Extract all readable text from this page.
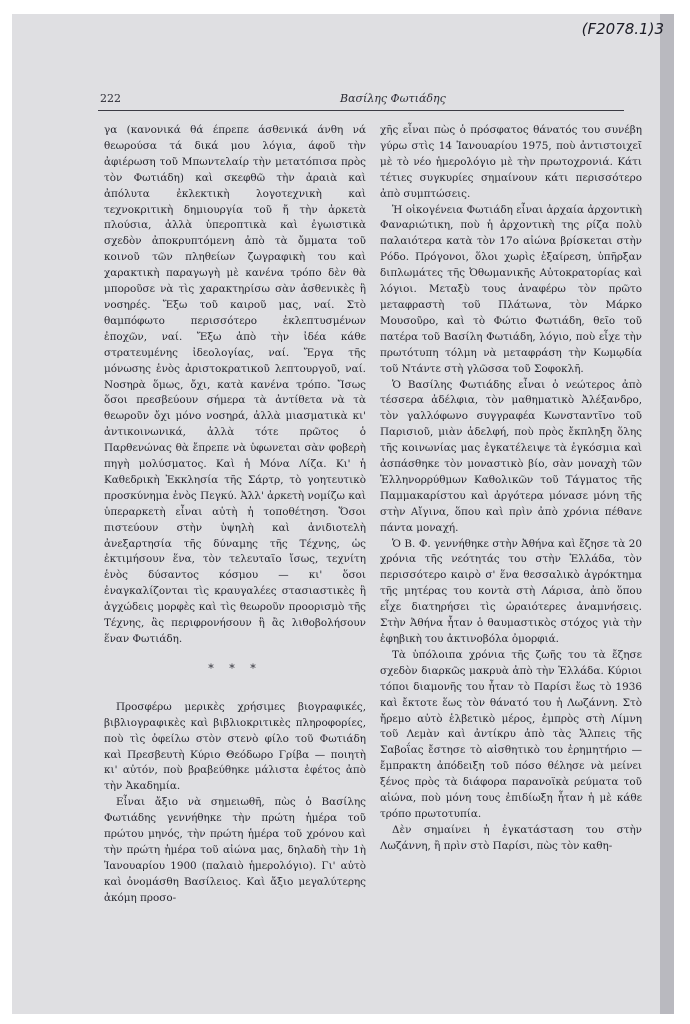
(F2078.1)3
222	Βασίλης Φωτιάδης

γα (κανονικά θά έπρεπε άσθενικά άνθη νά θεωρούσα τά δικά μου λόγια, άφοῦ τὴν ἀφιέρωση τοῦ Μπωντελαίρ τὴν μετατόπισα πρὸς τὸν Φωτιάδη) καὶ σκεφθῶ τὴν ἀραιὰ καὶ ἀπόλυτα ἐκλεκτικὴ λογοτεχνικὴ καὶ τεχνοκριτικὴ δημιουργία τοῦ ἤ τὴν ἀρκετὰ πλούσια, ἀλλὰ ὑπεροπτικὰ καὶ ἐγωιστικὰ σχεδὸν ἀποκρυπτόμενη ἀπὸ τὰ ὄμματα τοῦ κοινοῦ τῶν πληθείων ζωγραφικὴ του καὶ χαρακτικὴ παραγωγὴ μὲ κανένα τρόπο δὲν θὰ μποροῦσε νὰ τὶς χαρακτηρίσω σὰν ἀσθενικὲς ἢ νοσηρές. Ἔξω τοῦ καιροῦ μας, ναί. Στὸ θαμπόφωτο περισσότερο ἐκλεπτυσμένων ἐποχῶν, ναί. Ἔξω ἀπὸ τὴν ἰδέα κάθε στρατευμένης ἰδεολογίας, ναί. Ἔργα τῆς μόνωσης ἑνὸς ἀριστοκρατικοῦ λεπτουργοῦ, ναί. Νοσηρὰ ὅμως, ὄχι, κατὰ κανένα τρόπο. Ἴσως ὅσοι πρεσβεύουν σήμερα τὰ ἀντίθετα νὰ τὰ θεωροῦν ὄχι μόνο νοσηρά, ἀλλὰ μιασματικὰ κι' ἀντικοινωνικά, ἀλλὰ τότε πρῶτος ὁ Παρθενώνας θὰ ἔπρεπε νὰ ὑφωνεται σὰν φοβερὴ πηγὴ μολύσματος. Καὶ ἡ Μόνα Λίζα. Κι' ἡ Καθεδρικὴ Ἐκκλησία τῆς Σάρτρ, τὸ γοητευτικὸ προσκύνημα ἑνὸς Πεγκύ. Ἀλλ' ἀρκετὴ νομίζω καὶ ὑπεραρκετὴ εἶναι αὐτὴ ἡ τοποθέτηση. Ὅσοι πιστεύουν στὴν ὑψηλὴ καὶ ἀνιδιοτελὴ ἀνεξαρτησία τῆς δύναμης τῆς Τέχνης, ὡς ἐκτιμήσουν ἕνα, τὸν τελευταῖο ἴσως, τεχνίτη ἑνὸς δύσαντος κόσμου — κι' ὅσοι ἐναγκαλίζονται τὶς κραυγαλέες στασιαστικὲς ἢ ἀγχώδεις μορφὲς καὶ τὶς θεωροῦν προορισμὸ τῆς Τέχνης, ἂς περιφρονήσουν ἢ ἂς λιθοβολήσουν ἕναν Φωτιάδη.

* * *

Προσφέρω μερικὲς χρήσιμες βιογραφικές, βιβλιογραφικὲς καὶ βιβλιοκριτικὲς πληροφορίες, ποὺ τὶς ὀφείλω στὸν στενὸ φίλο τοῦ Φωτιάδη καὶ Πρεσβευτὴ Κύριο Θεόδωρο Γρίβα — ποιητὴ κι' αὐτόν, ποὺ βραβεύθηκε μάλιστα ἐφέτος ἀπὸ τὴν Ἀκαδημία.

Εἶναι ἄξιο νὰ σημειωθῆ, πὼς ὁ Βασίλης Φωτιάδης γεννήθηκε τὴν πρώτη ἡμέρα τοῦ πρώτου μηνός, τὴν πρώτη ἡμέρα τοῦ χρόνου καὶ τὴν πρώτη ἡμέρα τοῦ αἰώνα μας, δηλαδὴ τὴν 1ὴ Ἰανουαρίου 1900 (παλαιὸ ἡμερολόγιο). Γι' αὐτὸ καὶ ὀνομάσθη Βασίλειος. Καὶ ἄξιο μεγαλύτερης ἀκόμη προσο-

χῆς εἶναι πὼς ὁ πρόσφατος θάνατός του συνέβη γύρω στὶς 14 Ἰανουαρίου 1975, ποὺ ἀντιστοιχεῖ μὲ τὸ νέο ἡμερολόγιο μὲ τὴν πρωτοχρονιά. Κάτι τέτιες συγκυρίες σημαίνουν κάτι περισσότερο ἀπὸ συμπτώσεις.

Ἡ οἰκογένεια Φωτιάδη εἶναι ἀρχαία ἀρχοντικὴ Φαναριώτικη, ποὺ ἡ ἀρχοντικὴ της ρίζα πολὺ παλαιότερα κατὰ τὸν 17ο αἰώνα βρίσκεται στὴν Ρόδο. Πρόγονοι, ὅλοι χωρὶς ἐξαίρεση, ὑπῆρξαν διπλωμάτες τῆς Ὀθωμανικῆς Αὐτοκρατορίας καὶ λόγιοι. Μεταξὺ τους ἀναφέρω τὸν πρῶτο μεταφραστὴ τοῦ Πλάτωνα, τὸν Μάρκο Μουσοῦρο, καὶ τὸ Φώτιο Φωτιάδη, θεῖο τοῦ πατέρα τοῦ Βασίλη Φωτιάδη, λόγιο, ποὺ εἶχε τὴν πρωτότυπη τόλμη νὰ μεταφράση τὴν Κωμῳδία τοῦ Ντάντε στὴ γλῶσσα τοῦ Σοφοκλῆ.

Ὁ Βασίλης Φωτιάδης εἶναι ὁ νεώτερος ἀπὸ τέσσερα ἀδέλφια, τὸν μαθηματικὸ Ἀλέξανδρο, τὸν γαλλόφωνο συγγραφέα Κωνσταντῖνο τοῦ Παρισιοῦ, μιὰν ἀδελφή, ποὺ πρὸς ἔκπληξη ὅλης τῆς κοινωνίας μας ἐγκατέλειψε τὰ ἐγκόσμια καὶ ἀσπάσθηκε τὸν μοναστικὸ βίο, σὰν μοναχὴ τῶν Ἑλληνορρύθμων Καθολικῶν τοῦ Τάγματος τῆς Παμμακαρίστου καὶ ἀργότερα μόνασε μόνη τῆς στὴν Αἴγινα, ὅπου καὶ πρὶν ἀπὸ χρόνια πέθανε πάντα μοναχή.

Ὁ Β. Φ. γεννήθηκε στὴν Ἀθήνα καὶ ἔζησε τὰ 20 χρόνια τῆς νεότητάς του στὴν Ἑλλάδα, τὸν περισσότερο καιρὸ σ' ἕνα θεσσαλικὸ ἀγρόκτημα τῆς μητέρας του κοντὰ στὴ Λάρισα, ἀπὸ ὅπου εἶχε διατηρήσει τὶς ὡραιότερες ἀναμνήσεις. Στὴν Ἀθήνα ἦταν ὁ θαυμαστικὸς στόχος γιὰ τὴν ἐφηβικὴ του ἀκτινοβόλα ὀμορφιά.

Τὰ ὑπόλοιπα χρόνια τῆς ζωῆς του τὰ ἔζησε σχεδὸν διαρκῶς μακρυὰ ἀπὸ τὴν Ἑλλάδα. Κύριοι τόποι διαμονῆς του ἦταν τὸ Παρίσι ἕως τὸ 1936 καὶ ἔκτοτε ἕως τὸν θάνατό του ἡ Λωζάννη. Στὸ ἤρεμο αὐτὸ ἑλβετικὸ μέρος, ἐμπρὸς στὴ Λίμνη τοῦ Λεμὰν καὶ ἀντίκρυ ἀπὸ τὰς Ἄλπεις τῆς Σαβοΐας ἔστησε τὸ αἰσθητικὸ του ἐρημητήριο — ἔμπρακτη ἀπόδειξη τοῦ πόσο θέλησε νὰ μείνει ξένος πρὸς τὰ διάφορα παρανοϊκὰ ρεύματα τοῦ αἰώνα, ποὺ μόνη τους ἐπιδίωξη ἦταν ἡ μὲ κάθε τρόπο πρωτοτυπία.

Δὲν σημαίνει ἡ ἐγκατάσταση του στὴν Λωζάννη, ἢ πρὶν στὸ Παρίσι, πὼς τὸν καθη-
